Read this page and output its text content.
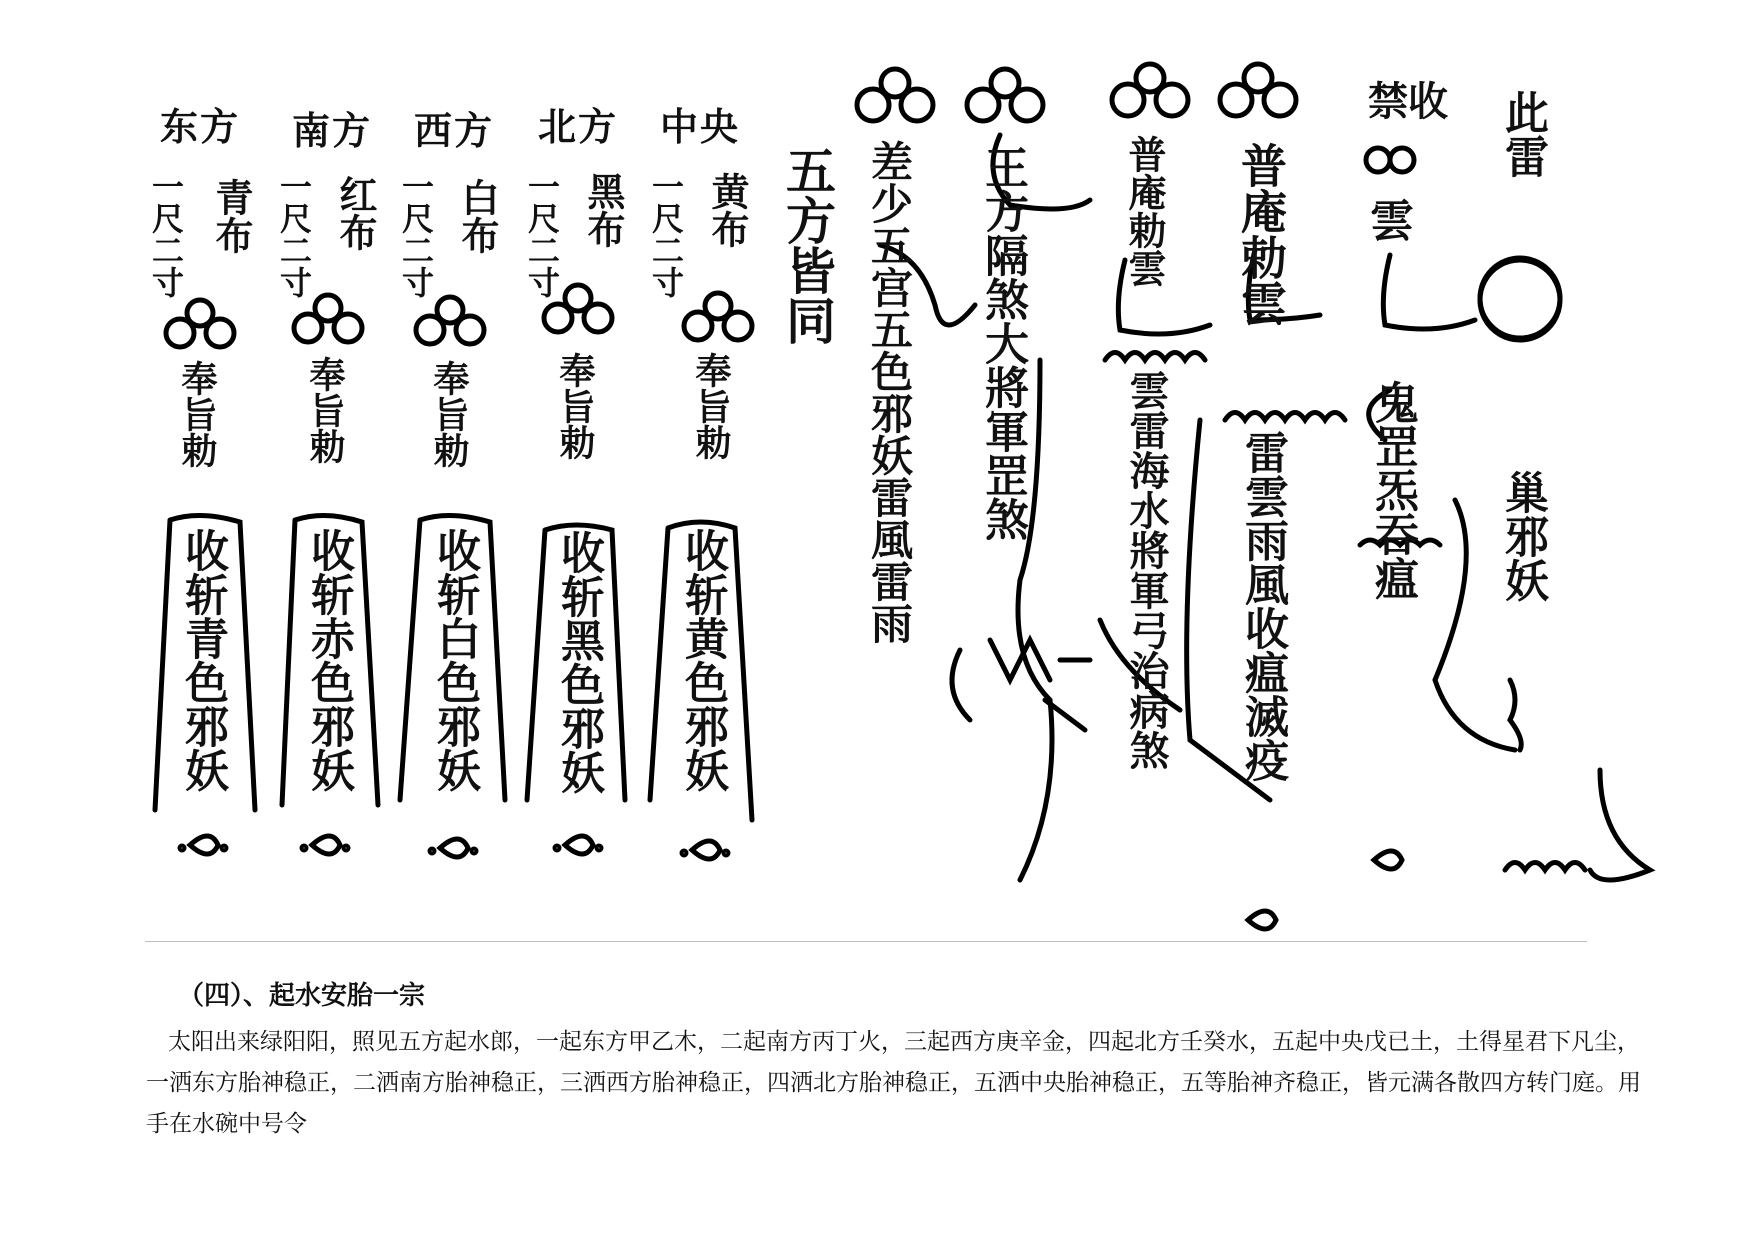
东方 南方 西方 北方 中央
一尺二寸 青布
奉旨勅
收斩青色邪妖
一尺二寸 红布
奉旨勅
收斩赤色邪妖
一尺二寸 白布
奉旨勅
收斩白色邪妖
一尺二寸 黑布
奉旨勅
收斩黑色邪妖
一尺二寸 黄布
奉旨勅
收斩黄色邪妖
五方皆同 差少五宫五色邪妖雷風雷雨 王方隔煞大將軍罡煞 普庵勅雲
雲雷海水將軍弓治病煞
普庵勅雲
雷雲雨風收瘟滅疫
禁收
雲
鬼罡炁吞瘟
此雷
巢邪妖
（四）、起水安胎一宗
太阳出来绿阳阳，照见五方起水郎，一起东方甲乙木，二起南方丙丁火，三起西方庚辛金，四起北方壬癸水，五起中央戊已土，土得星君下凡尘，一洒东方胎神稳正，二洒南方胎神稳正，三洒西方胎神稳正，四洒北方胎神稳正，五洒中央胎神稳正，五等胎神齐稳正，皆元满各散四方转门庭。用手在水碗中号令
